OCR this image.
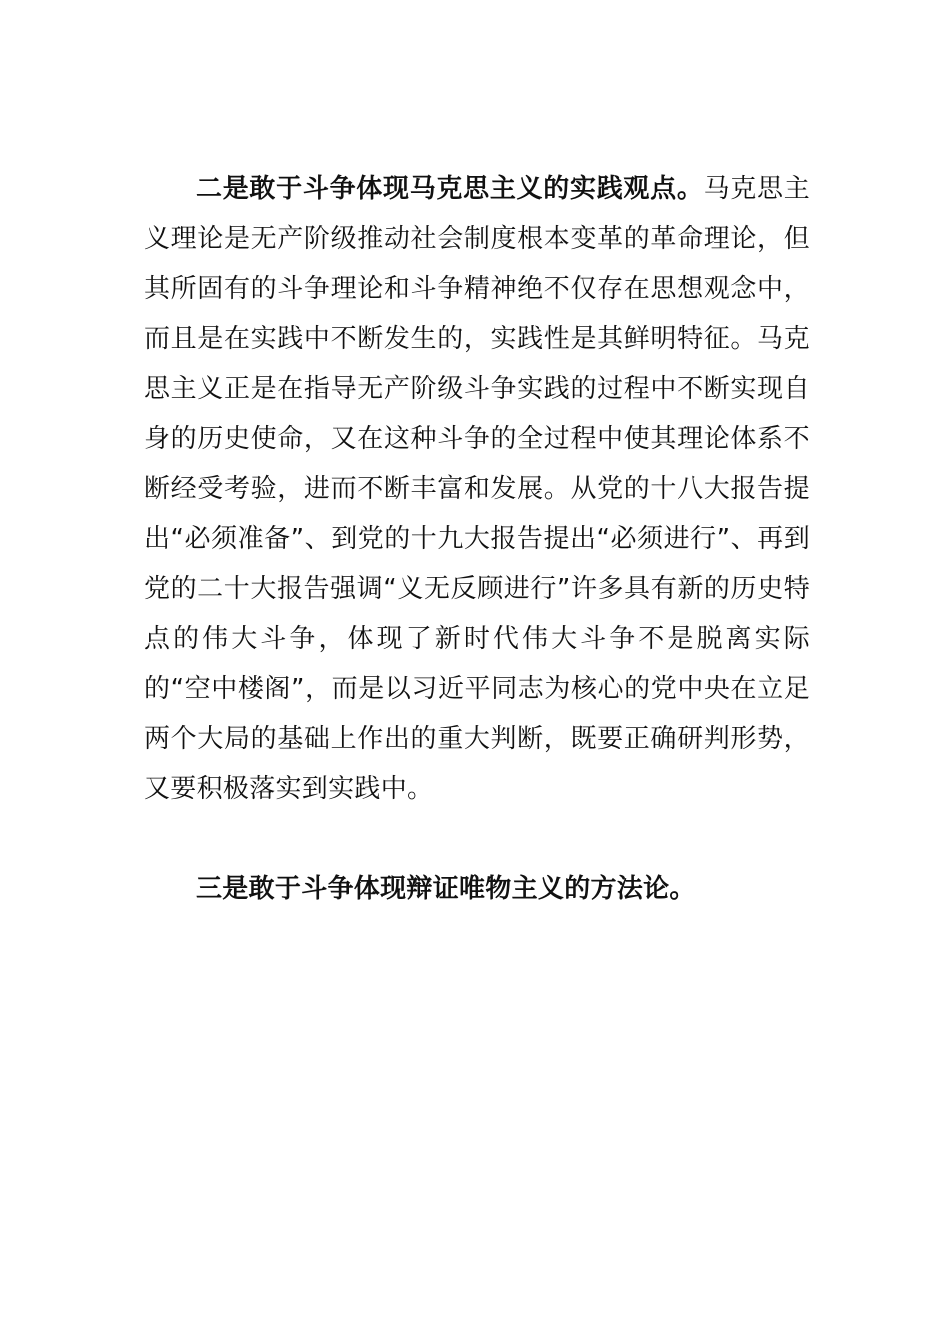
二是敢于斗争体现马克思主义的实践观点。马克思主义理论是无产阶级推动社会制度根本变革的革命理论，但其所固有的斗争理论和斗争精神绝不仅存在思想观念中，而且是在实践中不断发生的，实践性是其鲜明特征。马克思主义正是在指导无产阶级斗争实践的过程中不断实现自身的历史使命，又在这种斗争的全过程中使其理论体系不断经受考验，进而不断丰富和发展。从党的十八大报告提出“必须准备”、到党的十九大报告提出“必须进行”、再到党的二十大报告强调“义无反顾进行”许多具有新的历史特点的伟大斗争，体现了新时代伟大斗争不是脱离实际的“空中楼阁”，而是以习近平同志为核心的党中央在立足两个大局的基础上作出的重大判断，既要正确研判形势，又要积极落实到实践中。

三是敢于斗争体现辩证唯物主义的方法论。
